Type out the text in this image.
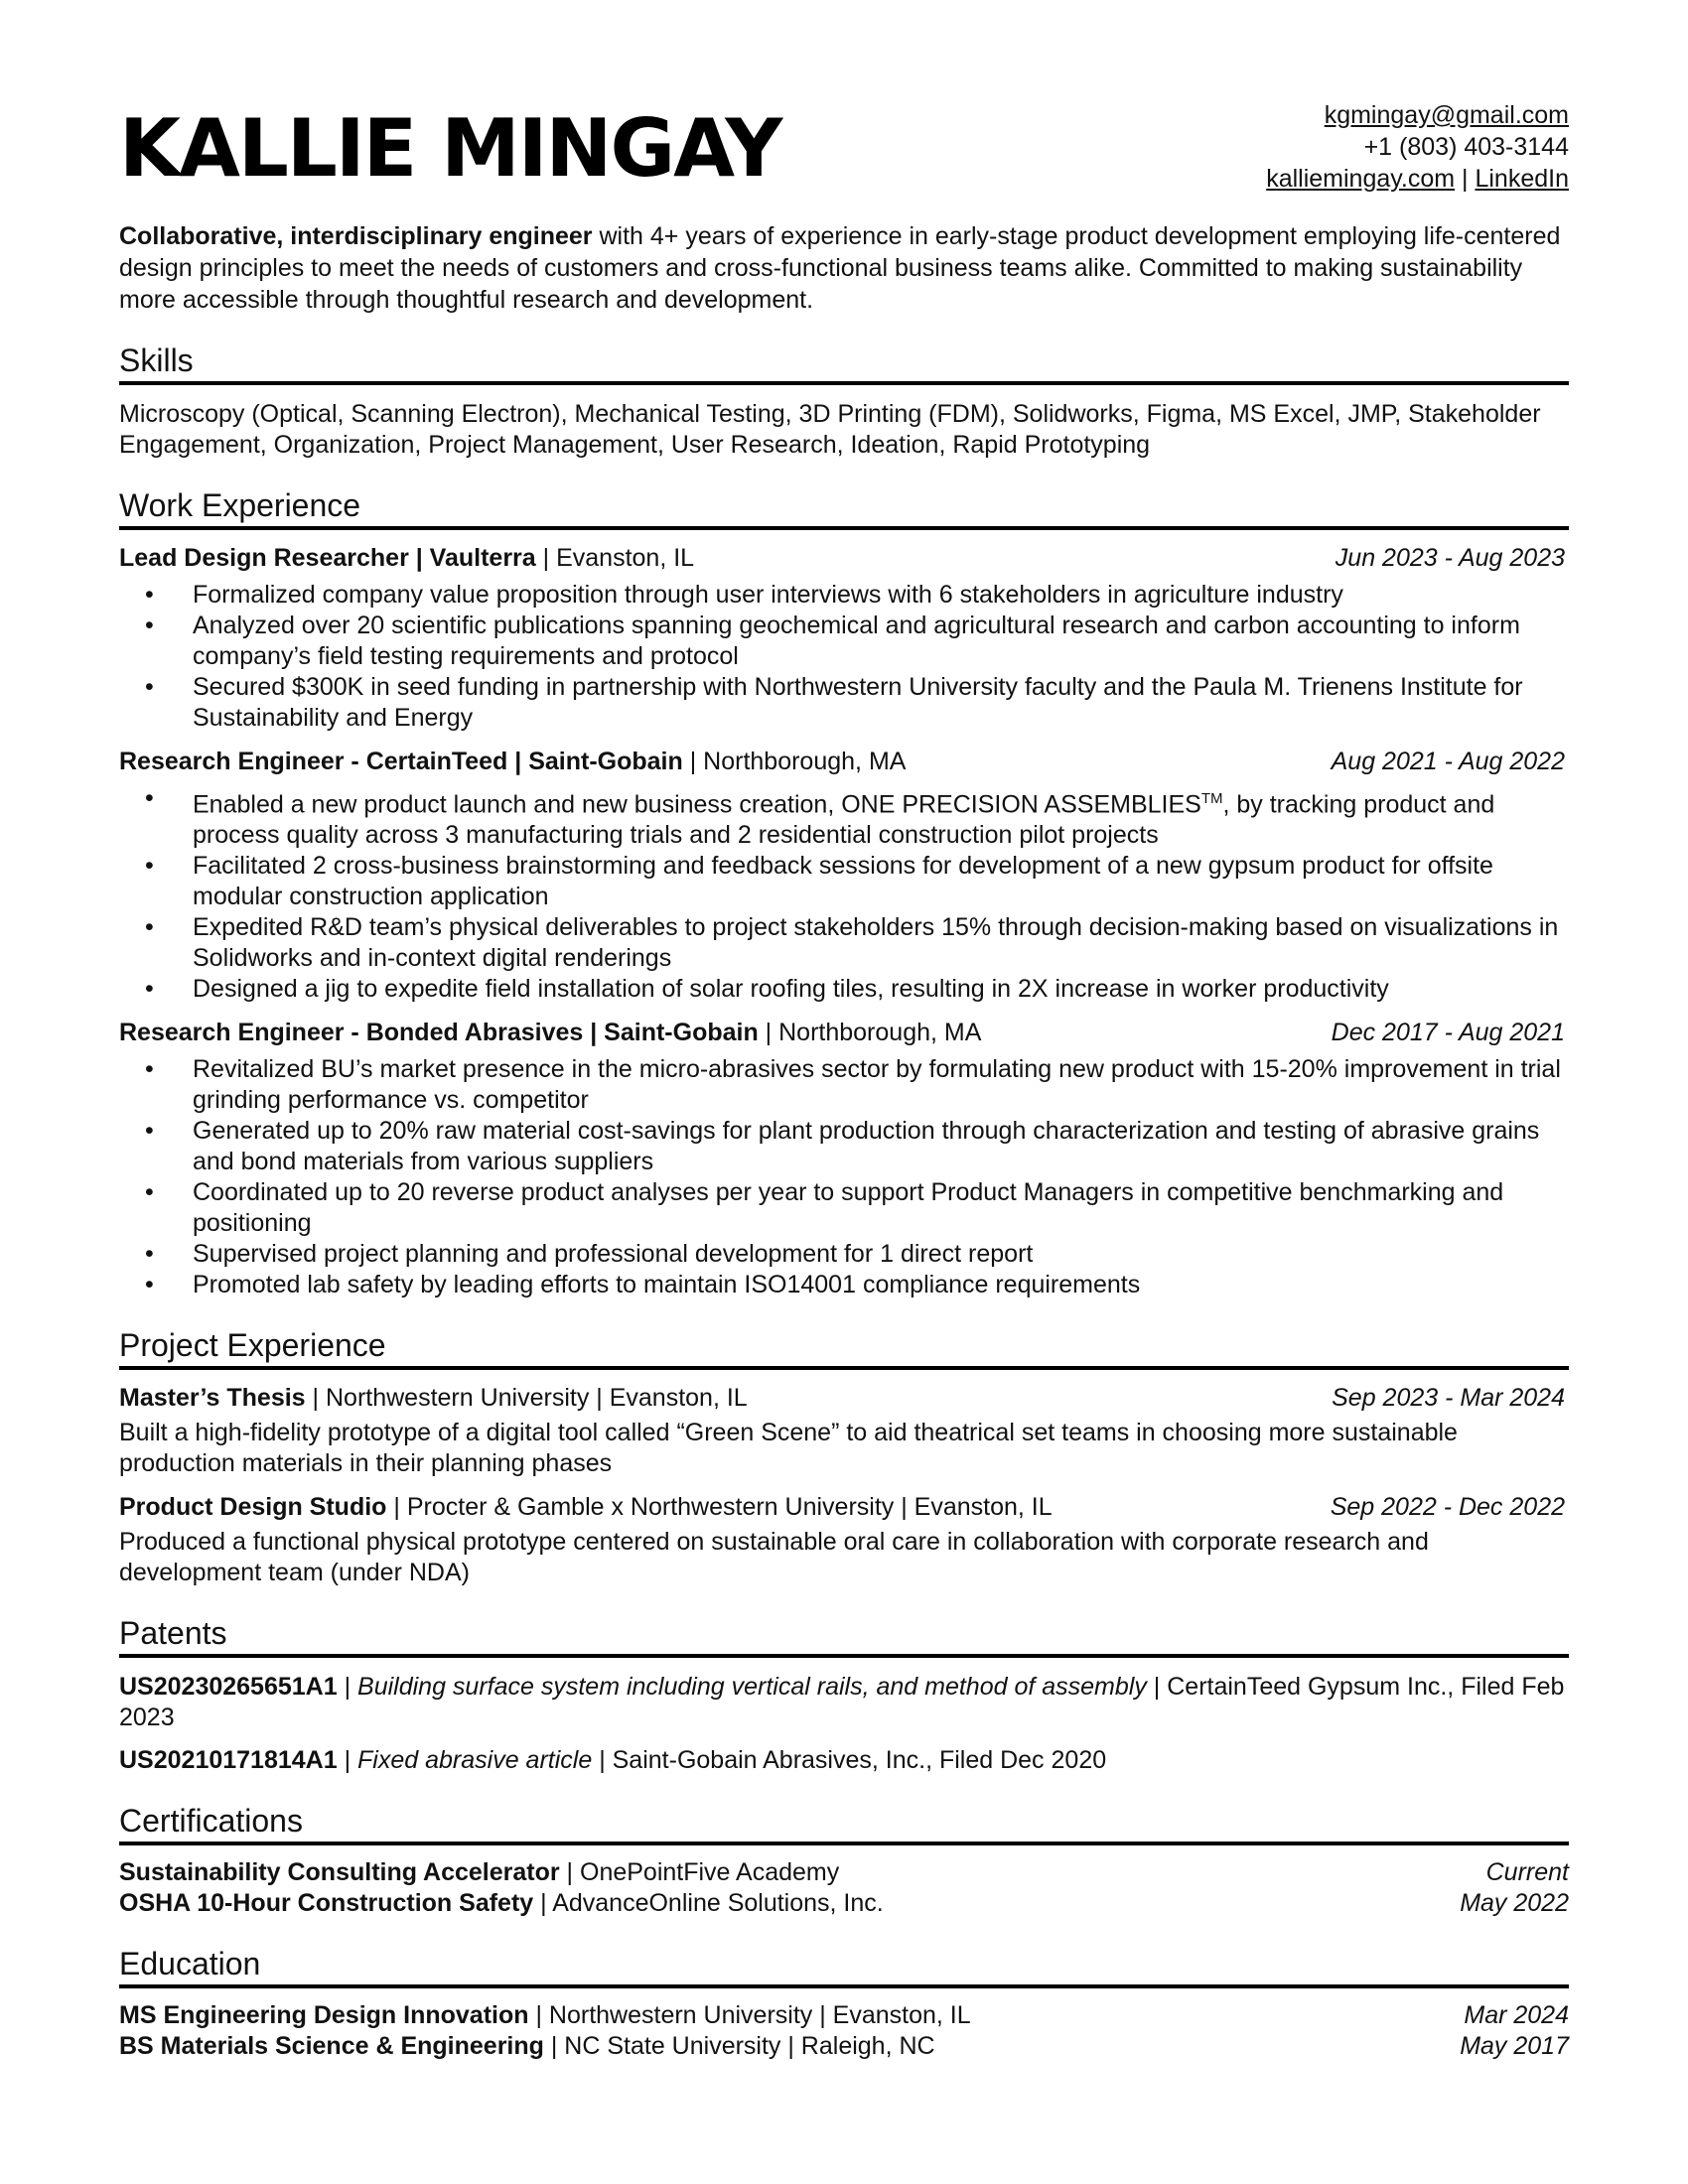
KALLIE MINGAY	kgmingay@gmail.com
+1 (803) 403-3144
kalliemingay.com | LinkedIn

Collaborative, interdisciplinary engineer with 4+ years of experience in early-stage product development employing life-centered design principles to meet the needs of customers and cross-functional business teams alike. Committed to making sustainability more accessible through thoughtful research and development.

Skills

Microscopy (Optical, Scanning Electron), Mechanical Testing, 3D Printing (FDM), Solidworks, Figma, MS Excel, JMP, Stakeholder Engagement, Organization, Project Management, User Research, Ideation, Rapid Prototyping

Work Experience
Lead Design Researcher | Vaulterra | Evanston, IL	Jun 2023 - Aug 2023
• Formalized company value proposition through user interviews with 6 stakeholders in agriculture industry
• Analyzed over 20 scientific publications spanning geochemical and agricultural research and carbon accounting to inform company’s field testing requirements and protocol
• Secured $300K in seed funding in partnership with Northwestern University faculty and the Paula M. Trienens Institute for Sustainability and Energy
Research Engineer - CertainTeed | Saint-Gobain | Northborough, MA	Aug 2021 - Aug 2022
• Enabled a new product launch and new business creation, ONE PRECISION ASSEMBLIES™, by tracking product and process quality across 3 manufacturing trials and 2 residential construction pilot projects
• Facilitated 2 cross-business brainstorming and feedback sessions for development of a new gypsum product for offsite modular construction application
• Expedited R&D team’s physical deliverables to project stakeholders 15% through decision-making based on visualizations in Solidworks and in-context digital renderings
• Designed a jig to expedite field installation of solar roofing tiles, resulting in 2X increase in worker productivity
Research Engineer - Bonded Abrasives | Saint-Gobain | Northborough, MA	Dec 2017 - Aug 2021
• Revitalized BU’s market presence in the micro-abrasives sector by formulating new product with 15-20% improvement in trial grinding performance vs. competitor
• Generated up to 20% raw material cost-savings for plant production through characterization and testing of abrasive grains and bond materials from various suppliers
• Coordinated up to 20 reverse product analyses per year to support Product Managers in competitive benchmarking and positioning
• Supervised project planning and professional development for 1 direct report
• Promoted lab safety by leading efforts to maintain ISO14001 compliance requirements
Project Experience
Master’s Thesis | Northwestern University | Evanston, IL	Sep 2023 - Mar 2024

Built a high-fidelity prototype of a digital tool called “Green Scene” to aid theatrical set teams in choosing more sustainable production materials in their planning phases

Product Design Studio | Procter & Gamble x Northwestern University | Evanston, IL	Sep 2022 - Dec 2022

Produced a functional physical prototype centered on sustainable oral care in collaboration with corporate research and development team (under NDA)

Patents

US20230265651A1 | Building surface system including vertical rails, and method of assembly | CertainTeed Gypsum Inc., Filed Feb 2023

US20210171814A1 | Fixed abrasive article | Saint-Gobain Abrasives, Inc., Filed Dec 2020

Certifications
Sustainability Consulting Accelerator | OnePointFive Academy	Current
OSHA 10-Hour Construction Safety | AdvanceOnline Solutions, Inc.	May 2022
Education
MS Engineering Design Innovation | Northwestern University | Evanston, IL	Mar 2024
BS Materials Science & Engineering | NC State University | Raleigh, NC	May 2017
